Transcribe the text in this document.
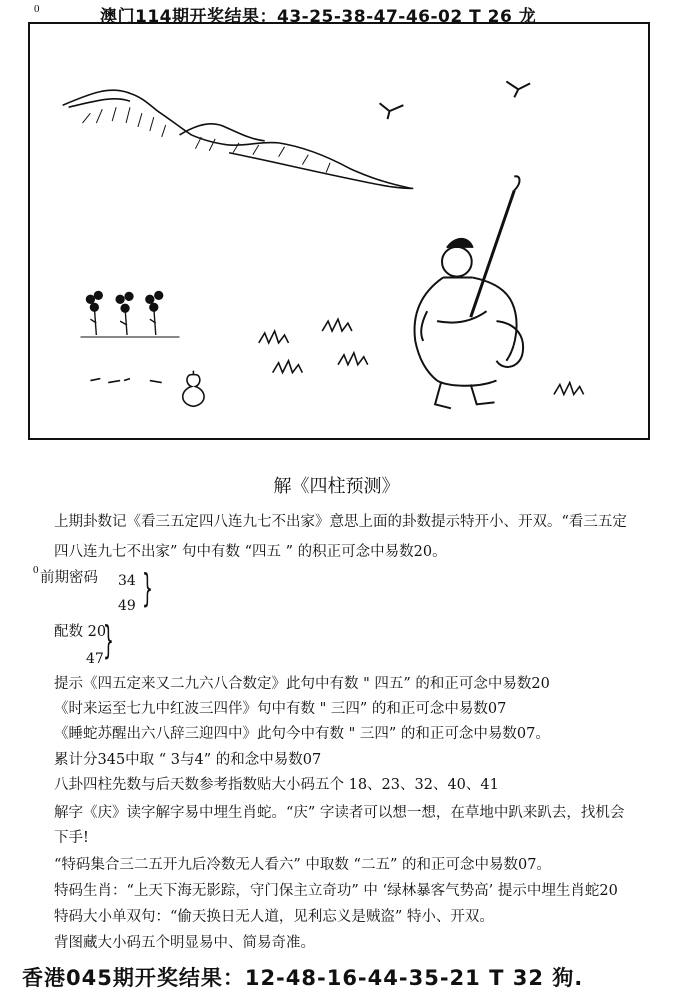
0	澳门114期开奖结果：43-25-38-47-46-02 T 26 龙
解《四柱预测》
上期卦数记《看三五定四八连九七不出家》意思上面的卦数提示特开小、开双。“看三五定
四八连九七不出家” 句中有数 “四五 ” 的积正可念中易数20。
0 前期密码 34
49 }
配数 20
47 }
提示《四五定来又二九六八合数定》此句中有数 " 四五” 的和正可念中易数20
《时来运至七九中红波三四伴》句中有数 " 三四” 的和正可念中易数07
《睡蛇苏醒出六八辞三迎四中》此句今中有数 " 三四” 的和正可念中易数07。
累计分345中取 “ 3与4” 的和念中易数07
八卦四柱先数与后天数参考指数贴大小码五个 18、23、32、40、41
解字《庆》读字解字易中埋生肖蛇。“庆” 字读者可以想一想，在草地中趴来趴去，找机会
下手!
“特码集合三二五开九后冷数无人看六” 中取数 “二五” 的和正可念中易数07。
特码生肖：“上天下海无影踪，守门保主立奇功” 中 ‘绿林暴客气势高’ 提示中埋生肖蛇20
特码大小单双句：“偷天换日无人道，见利忘义是贼盗” 特小、开双。
背图藏大小码五个明显易中、简易奇准。
香港045期开奖结果：12-48-16-44-35-21 T 32 狗.
